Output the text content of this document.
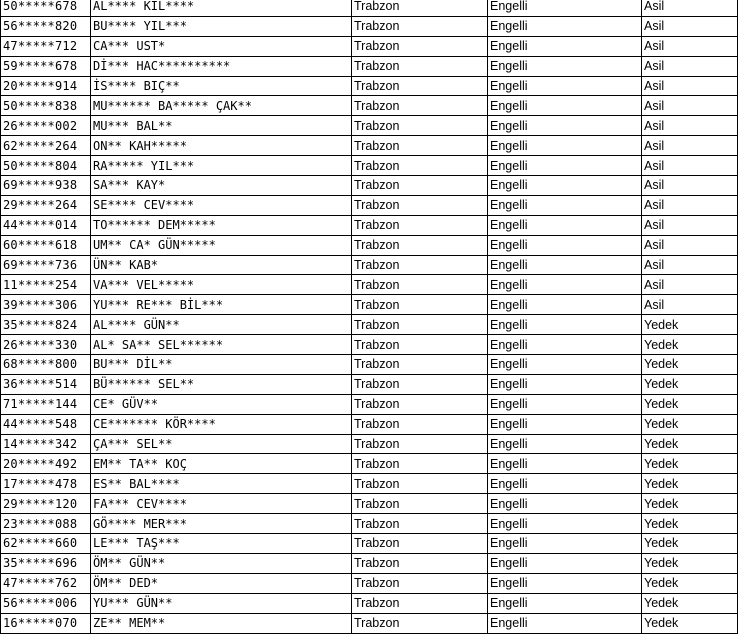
50*****678	AL**** KIL****	Trabzon	Engelli	Asil
56*****820	BU**** YIL***	Trabzon	Engelli	Asil
47*****712	CA*** UST*	Trabzon	Engelli	Asil
59*****678	Dİ*** HAC**********	Trabzon	Engelli	Asil
20*****914	İS**** BIÇ**	Trabzon	Engelli	Asil
50*****838	MU****** BA***** ÇAK**	Trabzon	Engelli	Asil
26*****002	MU*** BAL**	Trabzon	Engelli	Asil
62*****264	ON** KAH*****	Trabzon	Engelli	Asil
50*****804	RA***** YIL***	Trabzon	Engelli	Asil
69*****938	SA*** KAY*	Trabzon	Engelli	Asil
29*****264	SE**** CEV****	Trabzon	Engelli	Asil
44*****014	TO****** DEM*****	Trabzon	Engelli	Asil
60*****618	UM** CA* GÜN*****	Trabzon	Engelli	Asil
69*****736	ÜN** KAB*	Trabzon	Engelli	Asil
11*****254	VA*** VEL*****	Trabzon	Engelli	Asil
39*****306	YU*** RE*** BİL***	Trabzon	Engelli	Asil
35*****824	AL**** GÜN**	Trabzon	Engelli	Yedek
26*****330	AL* SA** SEL******	Trabzon	Engelli	Yedek
68*****800	BU*** DİL**	Trabzon	Engelli	Yedek
36*****514	BÜ****** SEL**	Trabzon	Engelli	Yedek
71*****144	CE* GÜV**	Trabzon	Engelli	Yedek
44*****548	CE******* KÖR****	Trabzon	Engelli	Yedek
14*****342	ÇA*** SEL**	Trabzon	Engelli	Yedek
20*****492	EM** TA** KOÇ	Trabzon	Engelli	Yedek
17*****478	ES** BAL****	Trabzon	Engelli	Yedek
29*****120	FA*** CEV****	Trabzon	Engelli	Yedek
23*****088	GÖ**** MER***	Trabzon	Engelli	Yedek
62*****660	LE*** TAŞ***	Trabzon	Engelli	Yedek
35*****696	ÖM** GÜN**	Trabzon	Engelli	Yedek
47*****762	ÖM** DED*	Trabzon	Engelli	Yedek
56*****006	YU*** GÜN**	Trabzon	Engelli	Yedek
16*****070	ZE** MEM**	Trabzon	Engelli	Yedek
